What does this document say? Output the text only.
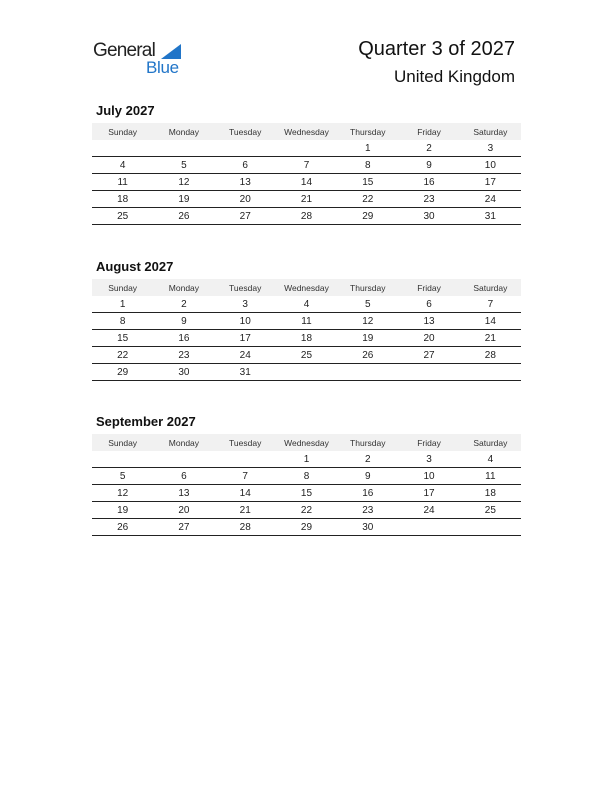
General
Blue
Quarter 3 of 2027
United Kingdom
July 2027
Sunday	Monday	Tuesday	Wednesday	Thursday	Friday	Saturday
				1	2	3
4	5	6	7	8	9	10
11	12	13	14	15	16	17
18	19	20	21	22	23	24
25	26	27	28	29	30	31
August 2027
Sunday	Monday	Tuesday	Wednesday	Thursday	Friday	Saturday
1	2	3	4	5	6	7
8	9	10	11	12	13	14
15	16	17	18	19	20	21
22	23	24	25	26	27	28
29	30	31				
September 2027
Sunday	Monday	Tuesday	Wednesday	Thursday	Friday	Saturday
			1	2	3	4
5	6	7	8	9	10	11
12	13	14	15	16	17	18
19	20	21	22	23	24	25
26	27	28	29	30		
